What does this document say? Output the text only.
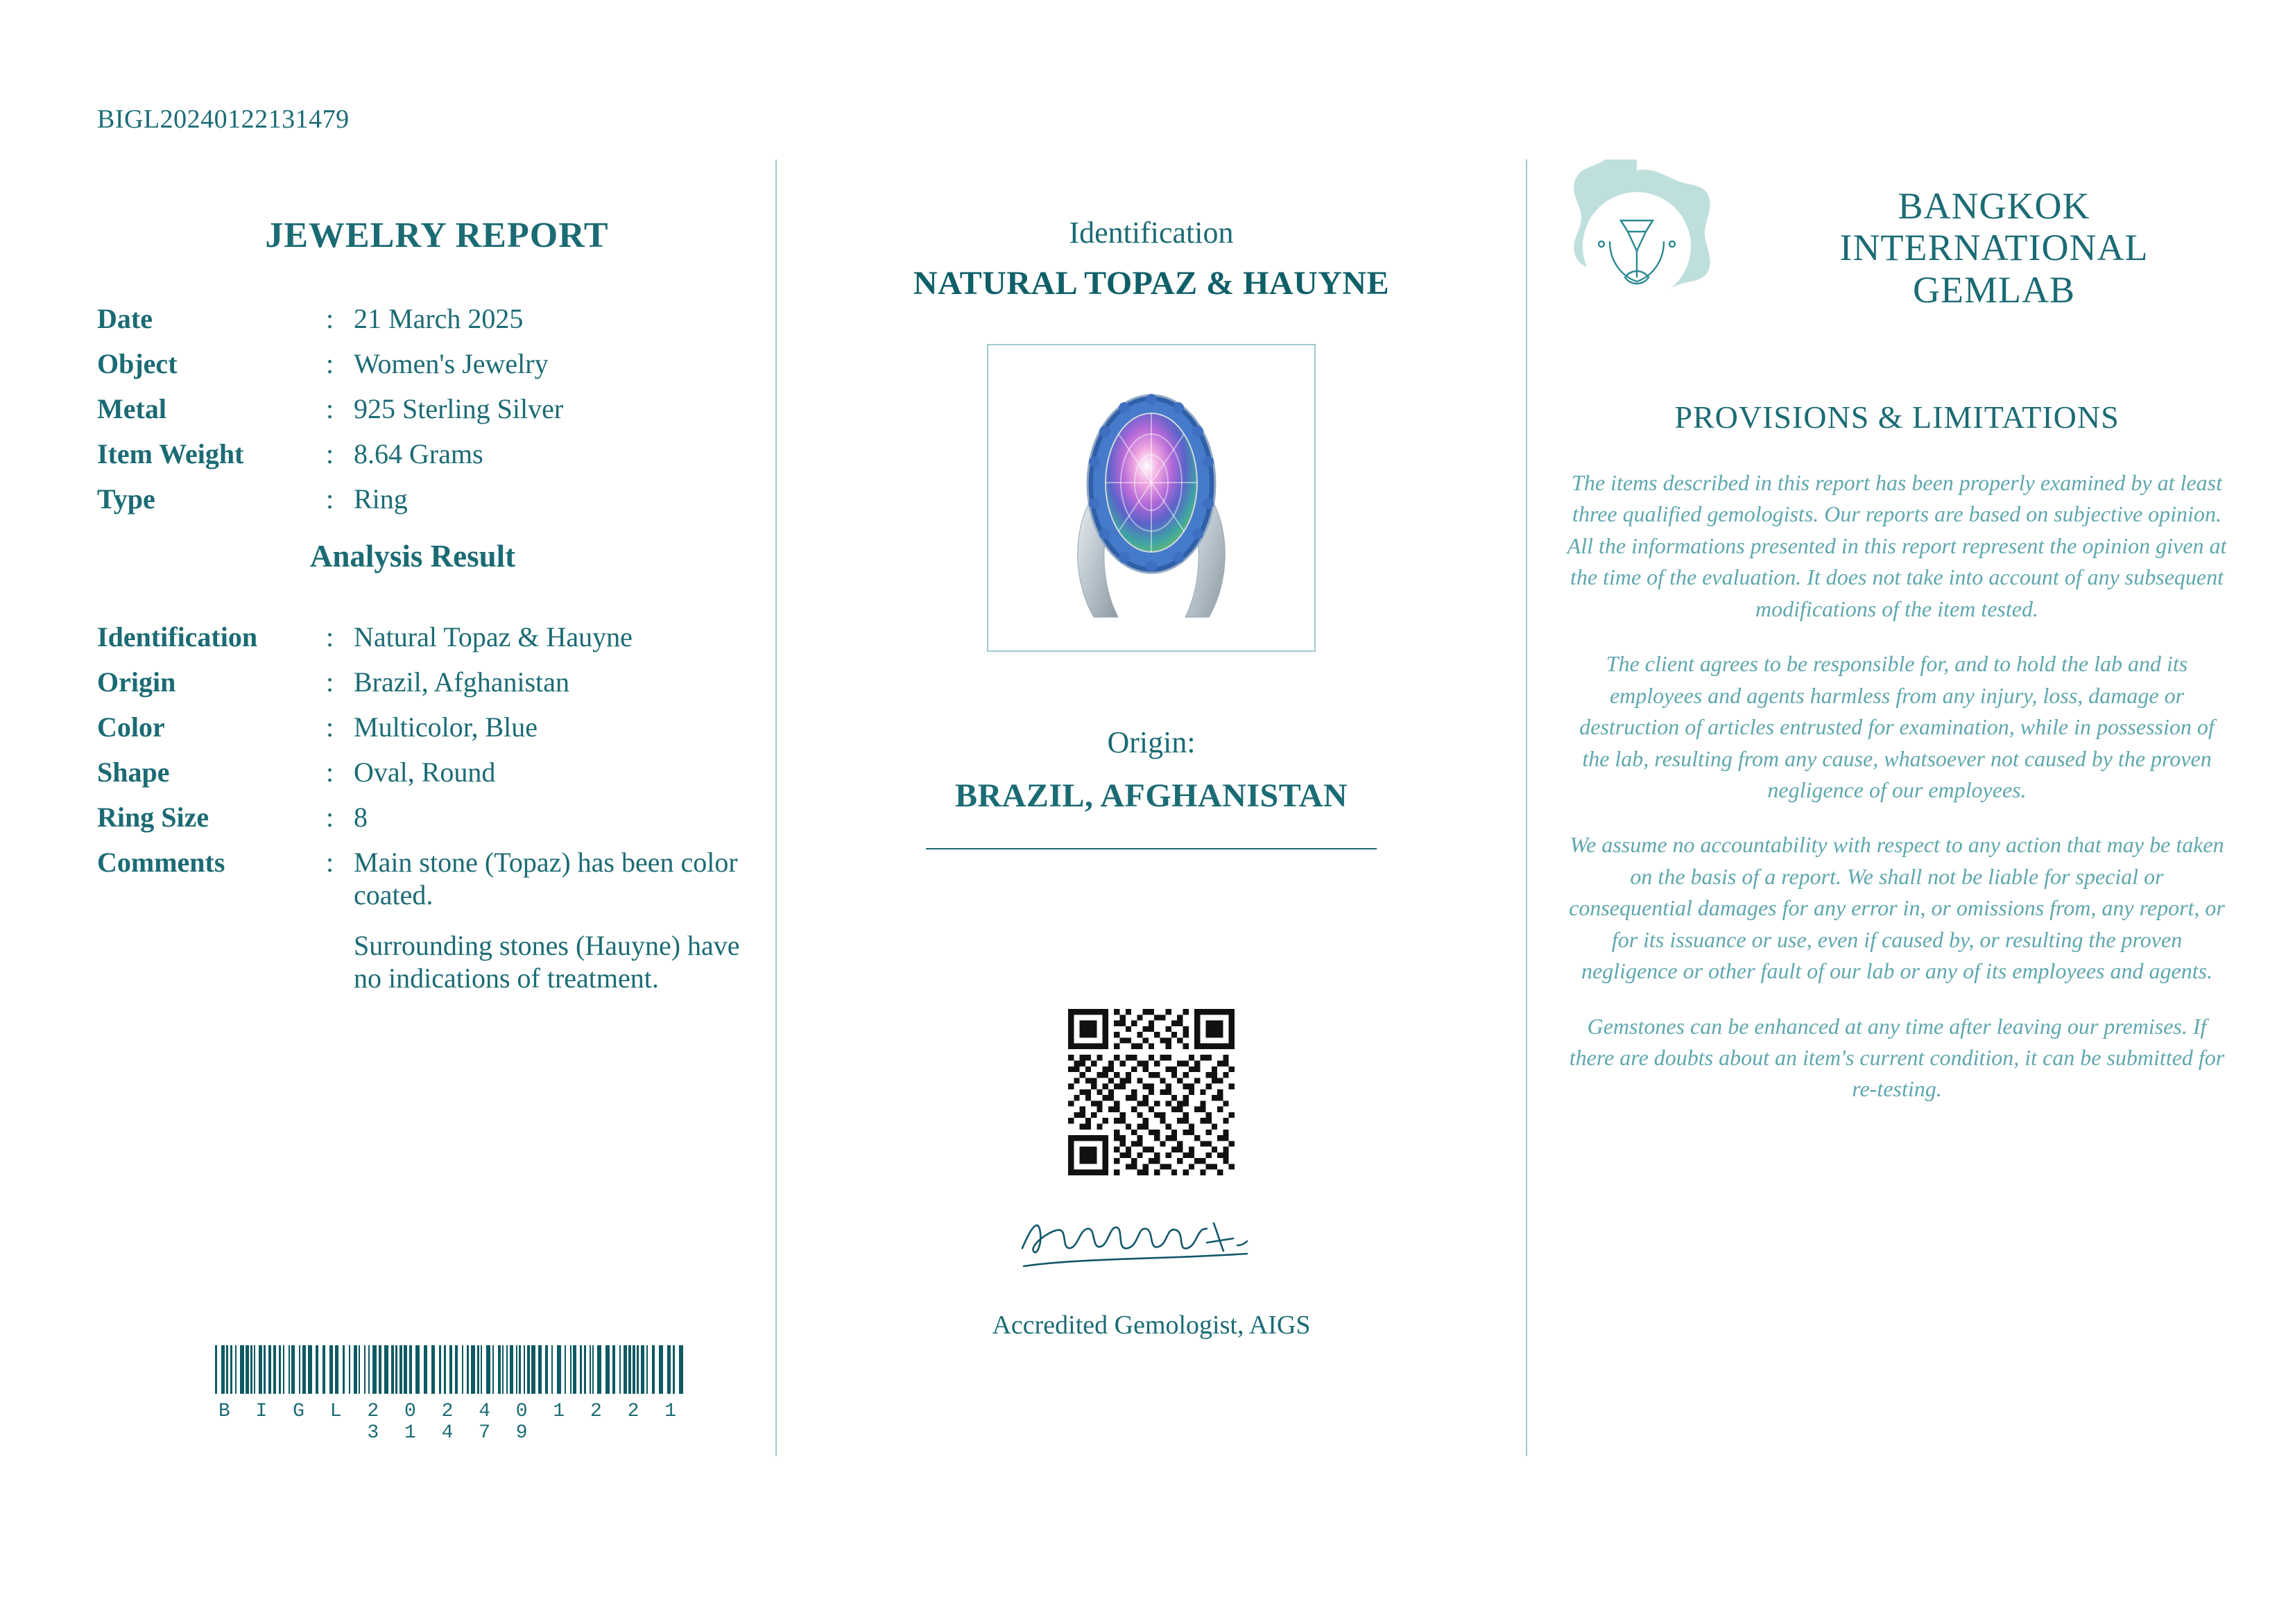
BIGL20240122131479
JEWELRY REPORT
Date	:	21 March 2025
Object	:	Women's Jewelry
Metal	:	925 Sterling Silver
Item Weight	:	8.64 Grams
Type	:	Ring
Analysis Result
Identification	:	Natural Topaz & Hauyne
Origin	:	Brazil, Afghanistan
Color	:	Multicolor, Blue
Shape	:	Oval, Round
Ring Size	:	8
Comments	:	Main stone (Topaz) has been color coated.
Surrounding stones (Hauyne) have no indications of treatment.
B I G L 2 0 2 4 0 1 2 2 1 3 1 4 7 9
Identification
NATURAL TOPAZ & HAUYNE
Origin:
BRAZIL, AFGHANISTAN
Accredited Gemologist, AIGS
BANGKOK
INTERNATIONAL
GEMLAB
PROVISIONS & LIMITATIONS

The items described in this report has been properly examined by at least three qualified gemologists. Our reports are based on subjective opinion. All the informations presented in this report represent the opinion given at the time of the evaluation. It does not take into account of any subsequent modifications of the item tested.

The client agrees to be responsible for, and to hold the lab and its employees and agents harmless from any injury, loss, damage or destruction of articles entrusted for examination, while in possession of the lab, resulting from any cause, whatsoever not caused by the proven negligence of our employees.

We assume no accountability with respect to any action that may be taken on the basis of a report. We shall not be liable for special or consequential damages for any error in, or omissions from, any report, or for its issuance or use, even if caused by, or resulting the proven negligence or other fault of our lab or any of its employees and agents.

Gemstones can be enhanced at any time after leaving our premises. If there are doubts about an item's current condition, it can be submitted for re-testing.
